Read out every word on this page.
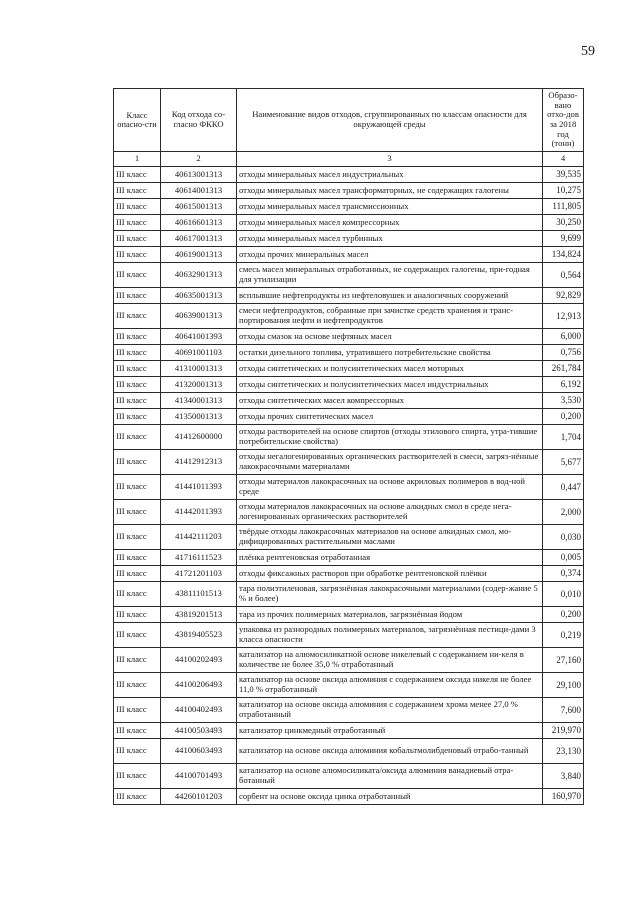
59
Класс опасно-сти	Код отхода со-гласно ФККО	Наименование видов отходов, сгруппированных по классам опасности для окружающей среды	Образо-вано отхо-дов за 2018 год (тонн)
1	2	3	4
III класс	40613001313	отходы минеральных масел индустриальных	39,535
III класс	40614001313	отходы минеральных масел трансформаторных, не содержащих галогены	10,275
III класс	40615001313	отходы минеральных масел трансмиссионных	111,805
III класс	40616601313	отходы минеральных масел компрессорных	30,250
III класс	40617001313	отходы минеральных масел турбинных	9,699
III класс	40619001313	отходы прочих минеральных масел	134,824
III класс	40632901313	смесь масел минеральных отработанных, не содержащих галогены, при-годная для утилизации	0,564
III класс	40635001313	всплывшие нефтепродукты из нефтеловушек и аналогичных сооружений	92,829
III класс	40639001313	смеси нефтепродуктов, собранные при зачистке средств хранения и транс-портирования нефти и нефтепродуктов	12,913
III класс	40641001393	отходы смазок на основе нефтяных масел	6,000
III класс	40691001103	остатки дизельного топлива, утратившего потребительские свойства	0,756
III класс	41310001313	отходы синтетических и полусинтетических масел моторных	261,784
III класс	41320001313	отходы синтетических и полусинтетических масел индустриальных	6,192
III класс	41340001313	отходы синтетических масел компрессорных	3,530
III класс	41350001313	отходы прочих синтетических масел	0,200
III класс	41412600000	отходы растворителей на основе спиртов (отходы этилового спирта, утра-тившие потребительские свойства)	1,704
III класс	41412912313	отходы негалогенированных органических растворителей в смеси, загряз-нённые лакокрасочными материалами	5,677
III класс	41441011393	отходы материалов лакокрасочных на основе акриловых полимеров в вод-ной среде	0,447
III класс	41442011393	отходы материалов лакокрасочных на основе алкидных смол в среде нега-логенированных органических растворителей	2,000
III класс	41442111203	твёрдые отходы лакокрасочных материалов на основе алкидных смол, мо-дифицированных растительными маслами	0,030
III класс	41716111523	плёнка рентгеновская отработанная	0,005
III класс	41721201103	отходы фиксажных растворов при обработке рентгеновской плёнки	0,374
III класс	43811101513	тара полиэтиленовая, загрязнённая лакокрасочными материалами (содер-жание 5 % и более)	0,010
III класс	43819201513	тара из прочих полимерных материалов, загрязнённая йодом	0,200
III класс	43819405523	упаковка из разнородных полимерных материалов, загрязнённая пестици-дами 3 класса опасности	0,219
III класс	44100202493	катализатор на алюмосиликатной основе никелевый с содержанием ни-келя в количестве не более 35,0 % отработанный	27,160
III класс	44100206493	катализатор на основе оксида алюминия с содержанием оксида никеля не более 11,0 % отработанный	29,100
III класс	44100402493	катализатор на основе оксида алюминия с содержанием хрома менее 27,0 % отработанный	7,600
III класс	44100503493	катализатор цинкмедный отработанный	219,970
III класс	44100603493	катализатор на основе оксида алюминия кобальтмолибденовый отрабо-танный	23,130
III класс	44100701493	катализатор на основе алюмосиликата/оксида алюминия ванадиевый отра-ботанный	3,840
III класс	44260101203	сорбент на основе оксида цинка отработанный	160,970
